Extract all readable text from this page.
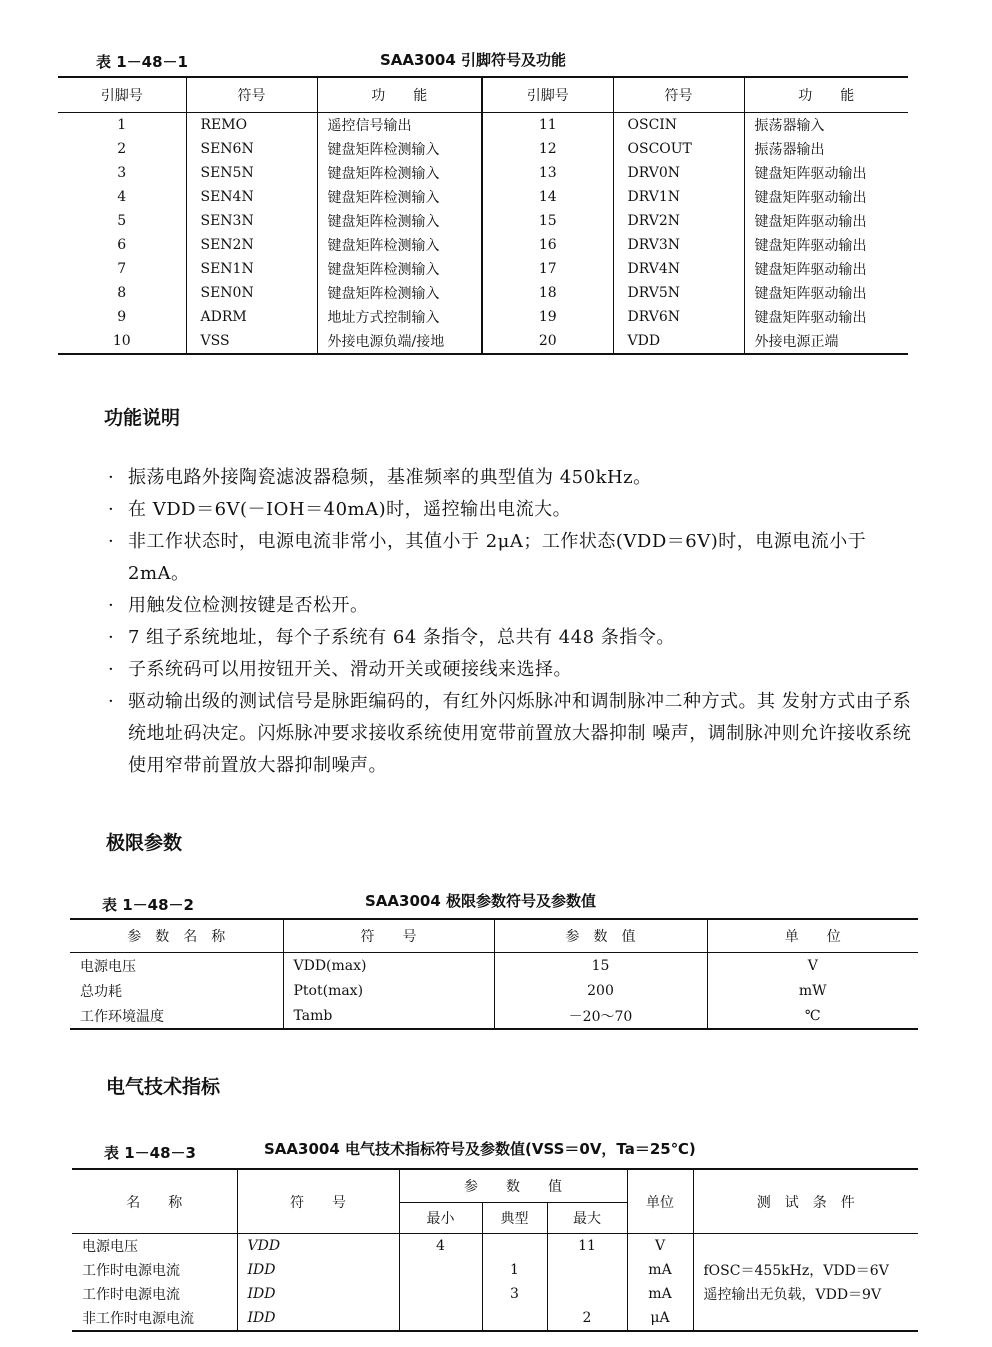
表 1－48－1	SAA3004 引脚符号及功能
引脚号	符号	功　　能	引脚号	符号	功　　能
1	REMO	遥控信号输出	11	OSCIN	振荡器输入
2	SEN6N	键盘矩阵检测输入	12	OSCOUT	振荡器输出
3	SEN5N	键盘矩阵检测输入	13	DRV0N	键盘矩阵驱动输出
4	SEN4N	键盘矩阵检测输入	14	DRV1N	键盘矩阵驱动输出
5	SEN3N	键盘矩阵检测输入	15	DRV2N	键盘矩阵驱动输出
6	SEN2N	键盘矩阵检测输入	16	DRV3N	键盘矩阵驱动输出
7	SEN1N	键盘矩阵检测输入	17	DRV4N	键盘矩阵驱动输出
8	SEN0N	键盘矩阵检测输入	18	DRV5N	键盘矩阵驱动输出
9	ADRM	地址方式控制输入	19	DRV6N	键盘矩阵驱动输出
10	VSS	外接电源负端/接地	20	VDD	外接电源正端
功能说明
· 振荡电路外接陶瓷滤波器稳频，基准频率的典型值为 450kHz。
· 在 VDD＝6V(－IOH＝40mA)时，遥控输出电流大。
· 非工作状态时，电源电流非常小，其值小于 2μA；工作状态(VDD＝6V)时，电源电流小于 2mA。
· 用触发位检测按键是否松开。
· 7 组子系统地址，每个子系统有 64 条指令，总共有 448 条指令。
· 子系统码可以用按钮开关、滑动开关或硬接线来选择。
· 驱动输出级的测试信号是脉距编码的，有红外闪烁脉冲和调制脉冲二种方式。其 发射方式由子系统地址码决定。闪烁脉冲要求接收系统使用宽带前置放大器抑制 噪声，调制脉冲则允许接收系统使用窄带前置放大器抑制噪声。
极限参数
表 1－48－2	SAA3004 极限参数符号及参数值
参　数　名　称	符　　号	参　数　值	单　　位
电源电压	VDD(max)	15	V
总功耗	Ptot(max)	200	mW
工作环境温度	Tamb	－20～70	℃
电气技术指标
表 1－48－3	SAA3004 电气技术指标符号及参数值(VSS＝0V，Ta＝25℃)
名　　称	符　　号	参　　数　　值			单位	测　试　条　件
		最小	典型	最大		
电源电压	VDD	4		11	V	
工作时电源电流	IDD		1		mA	fOSC＝455kHz，VDD＝6V
工作时电源电流	IDD		3		mA	遥控输出无负载，VDD＝9V
非工作时电源电流	IDD			2	μA	
